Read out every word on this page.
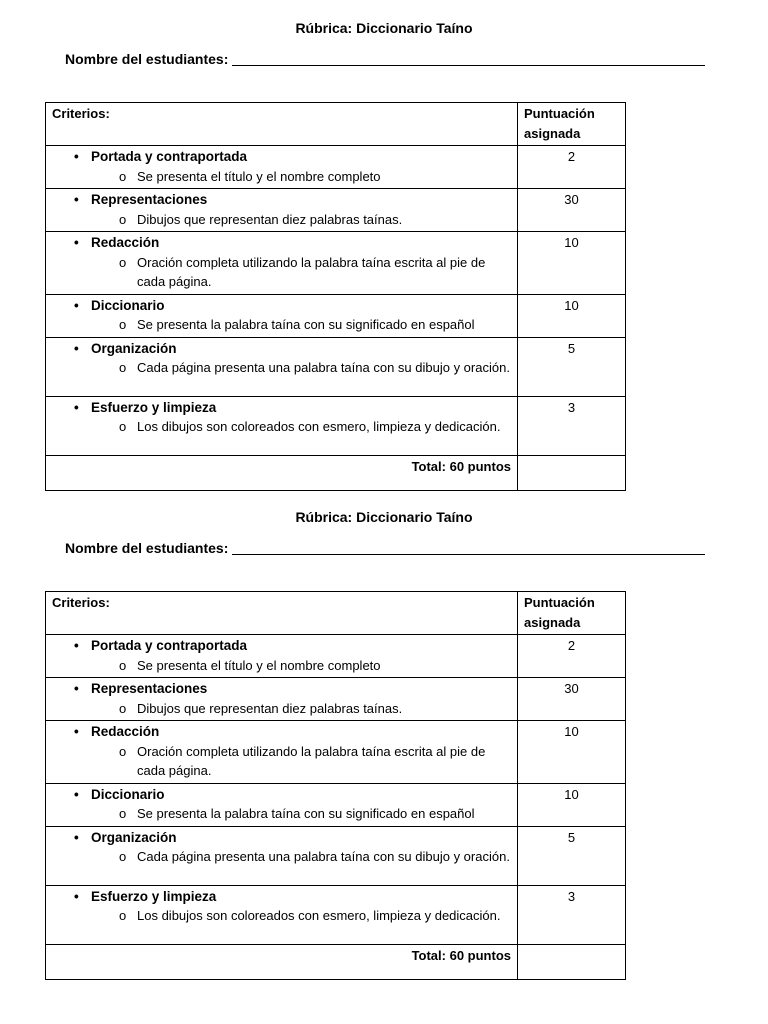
Rúbrica: Diccionario Taíno
Nombre del estudiantes:
Criterios:	Puntuación asignada

• Portada y contraportada
o Se presenta el título y el nombre completo	2

• Representaciones
o Dibujos que representan diez palabras taínas.	30

• Redacción
o Oración completa utilizando la palabra taína escrita al pie de cada página.	10

• Diccionario
o Se presenta la palabra taína con su significado en español	10

• Organización
o Cada página presenta una palabra taína con su dibujo y oración.	5

• Esfuerzo y limpieza
o Los dibujos son coloreados con esmero, limpieza y dedicación.	3
Total: 60 puntos	
Rúbrica: Diccionario Taíno
Nombre del estudiantes:
Criterios:	Puntuación asignada

• Portada y contraportada
o Se presenta el título y el nombre completo	2

• Representaciones
o Dibujos que representan diez palabras taínas.	30

• Redacción
o Oración completa utilizando la palabra taína escrita al pie de cada página.	10

• Diccionario
o Se presenta la palabra taína con su significado en español	10

• Organización
o Cada página presenta una palabra taína con su dibujo y oración.	5

• Esfuerzo y limpieza
o Los dibujos son coloreados con esmero, limpieza y dedicación.	3
Total: 60 puntos	
